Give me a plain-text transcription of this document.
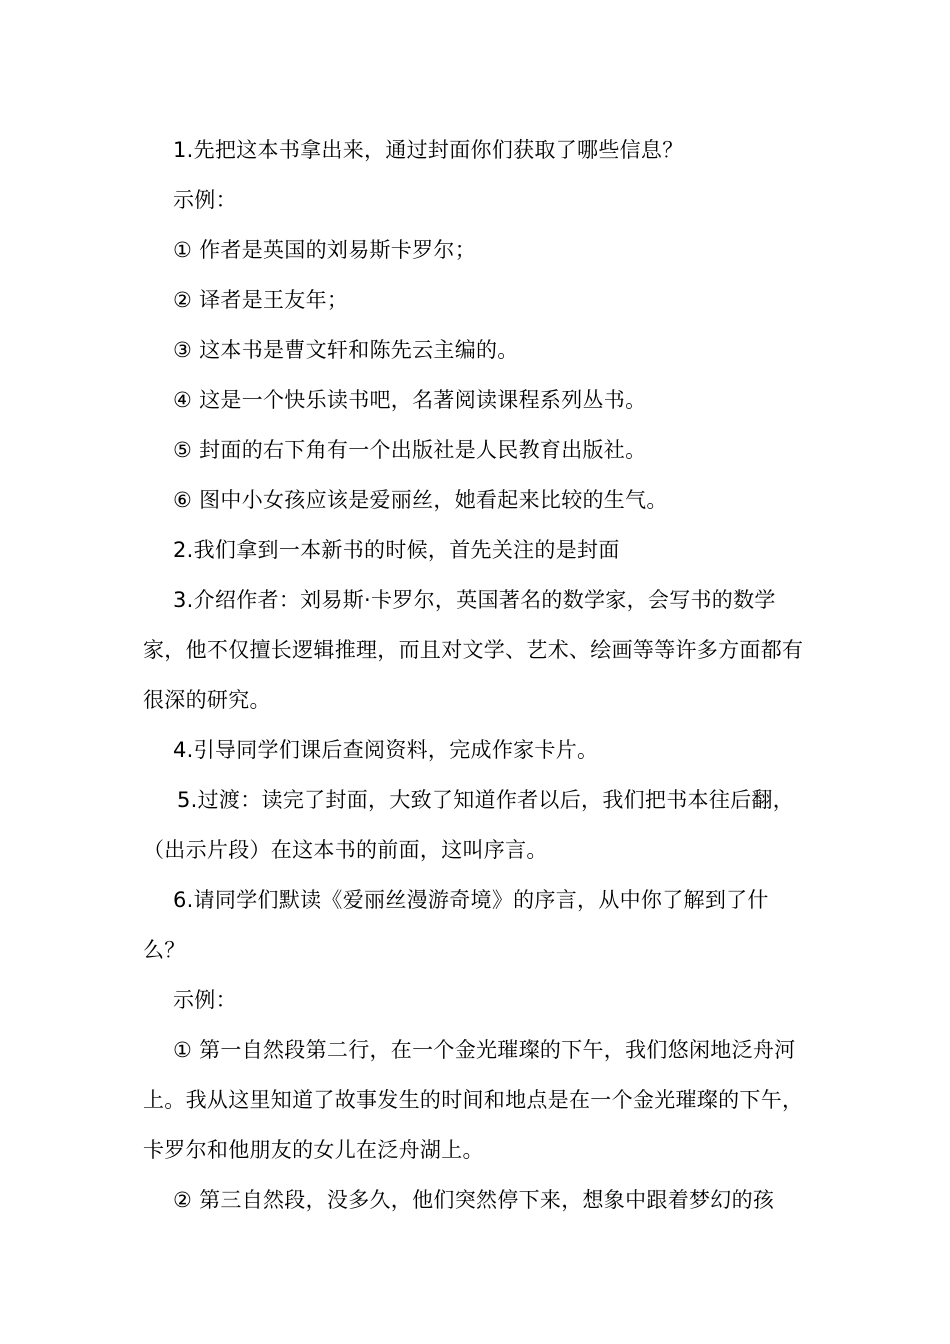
1.先把这本书拿出来，通过封面你们获取了哪些信息？

示例：

① 作者是英国的刘易斯卡罗尔；

② 译者是王友年；

③ 这本书是曹文轩和陈先云主编的。

④ 这是一个快乐读书吧，名著阅读课程系列丛书。

⑤ 封面的右下角有一个出版社是人民教育出版社。

⑥ 图中小女孩应该是爱丽丝，她看起来比较的生气。

2.我们拿到一本新书的时候，首先关注的是封面

3.介绍作者：刘易斯·卡罗尔，英国著名的数学家，会写书的数学家，他不仅擅长逻辑推理，而且对文学、艺术、绘画等等许多方面都有很深的研究。

4.引导同学们课后查阅资料，完成作家卡片。

5.过渡：读完了封面，大致了知道作者以后，我们把书本往后翻，（出示片段）在这本书的前面，这叫序言。

6.请同学们默读《爱丽丝漫游奇境》的序言，从中你了解到了什么？

示例：

① 第一自然段第二行，在一个金光璀璨的下午，我们悠闲地泛舟河上。我从这里知道了故事发生的时间和地点是在一个金光璀璨的下午，卡罗尔和他朋友的女儿在泛舟湖上。

② 第三自然段，没多久，他们突然停下来，想象中跟着梦幻的孩
